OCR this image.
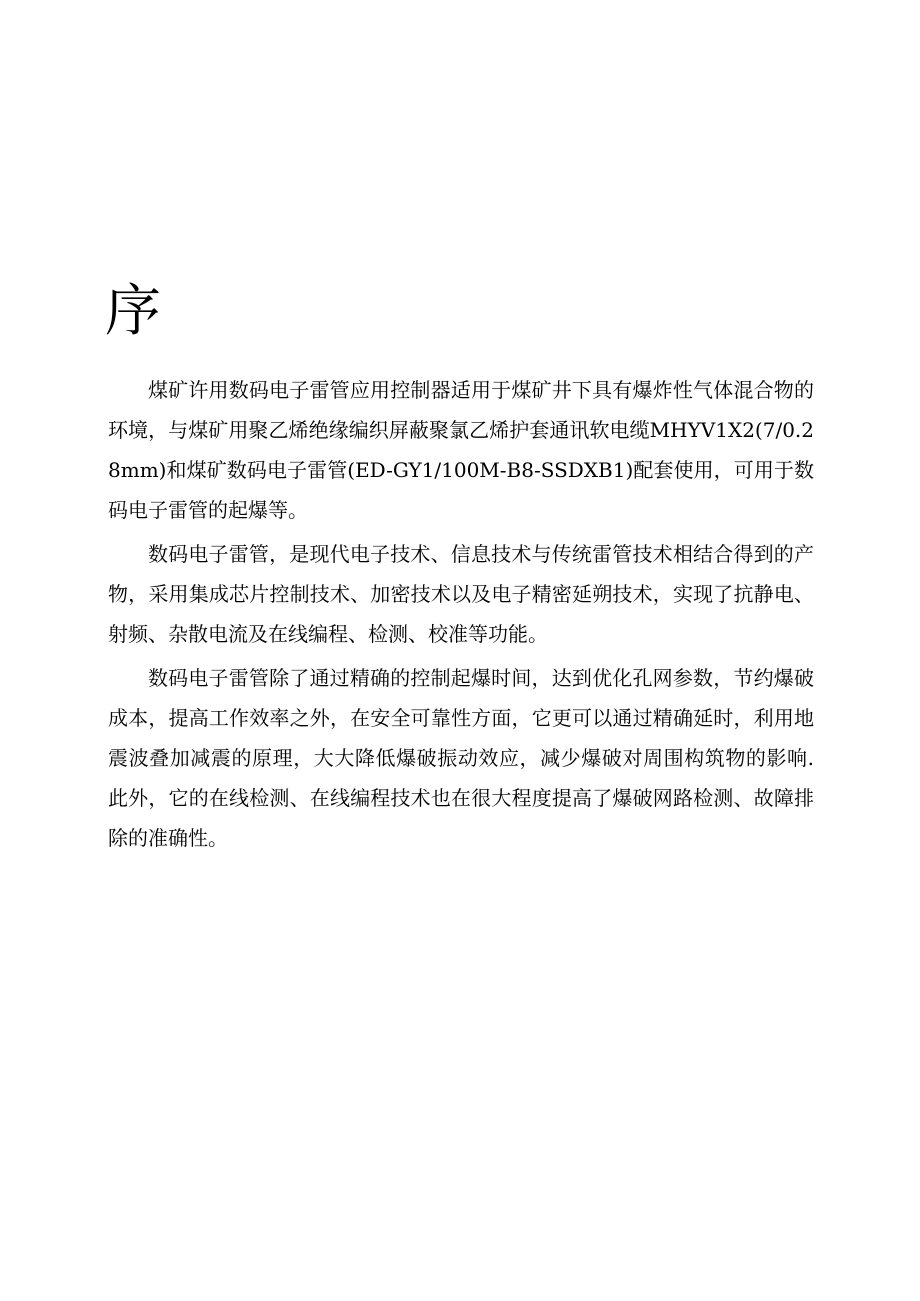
序

煤矿许用数码电子雷管应用控制器适用于煤矿井下具有爆炸性气体混合物的环境，与煤矿用聚乙烯绝缘编织屏蔽聚氯乙烯护套通讯软电缆MHYV1X2(7/0.28mm)和煤矿数码电子雷管(ED-GY1/100M-B8-SSDXB1)配套使用，可用于数码电子雷管的起爆等。

数码电子雷管，是现代电子技术、信息技术与传统雷管技术相结合得到的产物，采用集成芯片控制技术、加密技术以及电子精密延朔技术，实现了抗静电、射频、杂散电流及在线编程、检测、校准等功能。

数码电子雷管除了通过精确的控制起爆时间，达到优化孔网参数，节约爆破成本，提高工作效率之外，在安全可靠性方面，它更可以通过精确延时，利用地震波叠加减震的原理，大大降低爆破振动效应，减少爆破对周围构筑物的影响.此外，它的在线检测、在线编程技术也在很大程度提高了爆破网路检测、故障排除的准确性。
